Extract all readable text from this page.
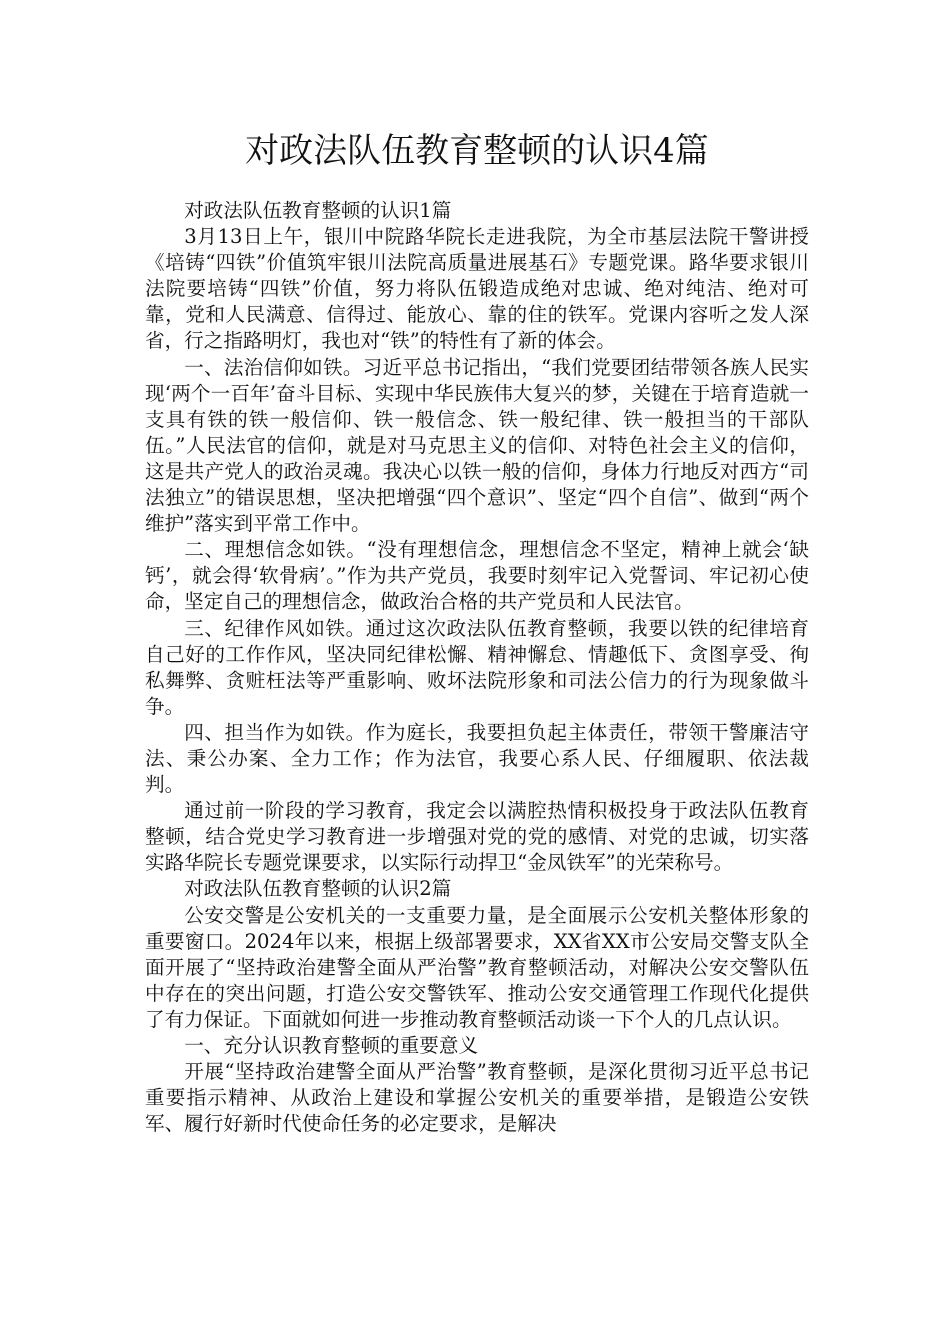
对政法队伍教育整顿的认识4篇

对政法队伍教育整顿的认识1篇

3月13日上午，银川中院路华院长走进我院，为全市基层法院干警讲授《培铸“四铁”价值筑牢银川法院高质量进展基石》专题党课。路华要求银川法院要培铸“四铁”价值，努力将队伍锻造成绝对忠诚、绝对纯洁、绝对可靠，党和人民满意、信得过、能放心、靠的住的铁军。党课内容听之发人深省，行之指路明灯，我也对“铁”的特性有了新的体会。

一、法治信仰如铁。习近平总书记指出，“我们党要团结带领各族人民实现‘两个一百年’奋斗目标、实现中华民族伟大复兴的梦，关键在于培育造就一支具有铁的铁一般信仰、铁一般信念、铁一般纪律、铁一般担当的干部队伍。”人民法官的信仰，就是对马克思主义的信仰、对特色社会主义的信仰，这是共产党人的政治灵魂。我决心以铁一般的信仰，身体力行地反对西方“司法独立”的错误思想，坚决把增强“四个意识”、坚定“四个自信”、做到“两个维护”落实到平常工作中。

二、理想信念如铁。“没有理想信念，理想信念不坚定，精神上就会‘缺钙’，就会得‘软骨病’。”作为共产党员，我要时刻牢记入党誓词、牢记初心使命，坚定自己的理想信念，做政治合格的共产党员和人民法官。

三、纪律作风如铁。通过这次政法队伍教育整顿，我要以铁的纪律培育自己好的工作作风，坚决同纪律松懈、精神懈怠、情趣低下、贪图享受、徇私舞弊、贪赃枉法等严重影响、败坏法院形象和司法公信力的行为现象做斗争。

四、担当作为如铁。作为庭长，我要担负起主体责任，带领干警廉洁守法、秉公办案、全力工作；作为法官，我要心系人民、仔细履职、依法裁判。

通过前一阶段的学习教育，我定会以满腔热情积极投身于政法队伍教育整顿，结合党史学习教育进一步增强对党的党的感情、对党的忠诚，切实落实路华院长专题党课要求，以实际行动捍卫“金凤铁军”的光荣称号。

对政法队伍教育整顿的认识2篇

公安交警是公安机关的一支重要力量，是全面展示公安机关整体形象的重要窗口。2024年以来，根据上级部署要求，XX省XX市公安局交警支队全面开展了“坚持政治建警全面从严治警”教育整顿活动，对解决公安交警队伍中存在的突出问题，打造公安交警铁军、推动公安交通管理工作现代化提供了有力保证。下面就如何进一步推动教育整顿活动谈一下个人的几点认识。

一、充分认识教育整顿的重要意义

开展“坚持政治建警全面从严治警”教育整顿，是深化贯彻习近平总书记重要指示精神、从政治上建设和掌握公安机关的重要举措，是锻造公安铁军、履行好新时代使命任务的必定要求，是解决
